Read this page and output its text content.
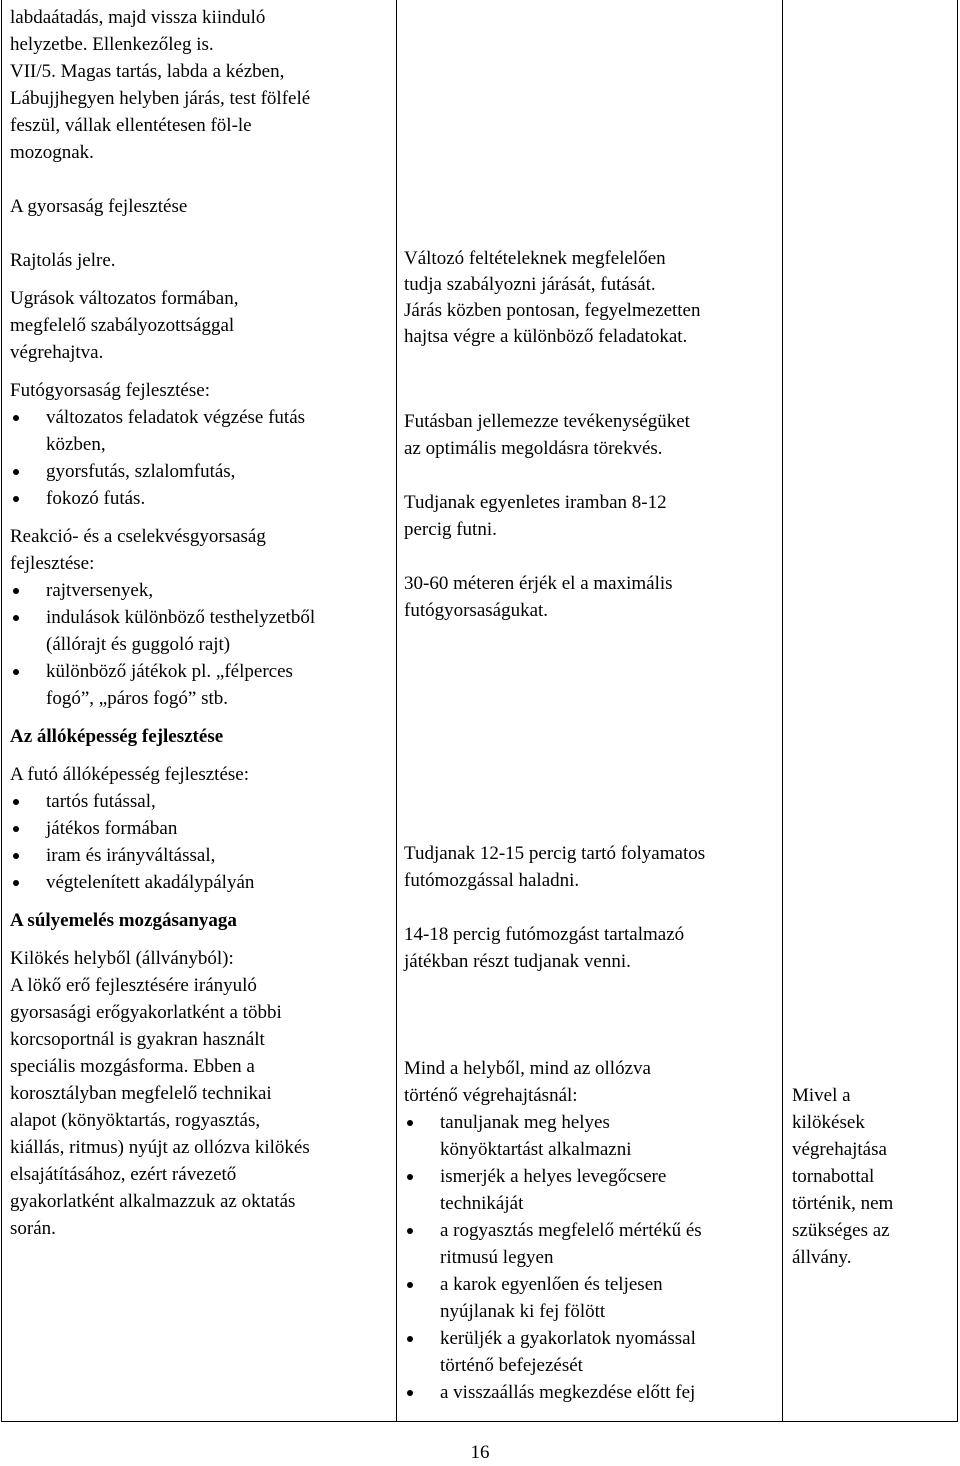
labdaátadás, majd vissza kiinduló

helyzetbe. Ellenkezőleg is.

VII/5. Magas tartás, labda a kézben,

Lábujjhegyen helyben járás, test fölfelé

feszül, vállak ellentétesen föl-le

mozognak.

A gyorsaság fejlesztése

Rajtolás jelre.

Ugrások változatos formában,

megfelelő szabályozottsággal

végrehajtva.

Futógyorsaság fejlesztése:

változatos feladatok végzése futás
közben,
gyorsfutás, szlalomfutás,
fokozó futás.

Reakció- és a cselekvésgyorsaság

fejlesztése:

rajtversenyek,
indulások különböző testhelyzetből
(állórajt és guggoló rajt)
különböző játékok pl. „félperces
fogó”, „páros fogó” stb.

Az állóképesség fejlesztése

A futó állóképesség fejlesztése:

tartós futással,
játékos formában
iram és irányváltással,
végtelenített akadálypályán

A súlyemelés mozgásanyaga

Kilökés helyből (állványból):

A lökő erő fejlesztésére irányuló

gyorsasági erőgyakorlatként a többi

korcsoportnál is gyakran használt

speciális mozgásforma. Ebben a

korosztályban megfelelő technikai

alapot (könyöktartás, rogyasztás,

kiállás, ritmus) nyújt az ollózva kilökés

elsajátításához, ezért rávezető

gyakorlatként alkalmazzuk az oktatás

során.

Változó feltételeknek megfelelően

tudja szabályozni járását, futását.

Járás közben pontosan, fegyelmezetten

hajtsa végre a különböző feladatokat.

Futásban jellemezze tevékenységüket

az optimális megoldásra törekvés.

Tudjanak egyenletes iramban 8-12

percig futni.

30-60 méteren érjék el a maximális

futógyorsaságukat.

Tudjanak 12-15 percig tartó folyamatos

futómozgással haladni.

14-18 percig futómozgást tartalmazó

játékban részt tudjanak venni.

Mind a helyből, mind az ollózva

történő végrehajtásnál:

tanuljanak meg helyes
könyöktartást alkalmazni
ismerjék a helyes levegőcsere
technikáját
a rogyasztás megfelelő mértékű és
ritmusú legyen
a karok egyenlően és teljesen
nyújlanak ki fej fölött
kerüljék a gyakorlatok nyomással
történő befejezését
a visszaállás megkezdése előtt fej

Mivel a

kilökések

végrehajtása

tornabottal

történik, nem

szükséges az

állvány.

16
